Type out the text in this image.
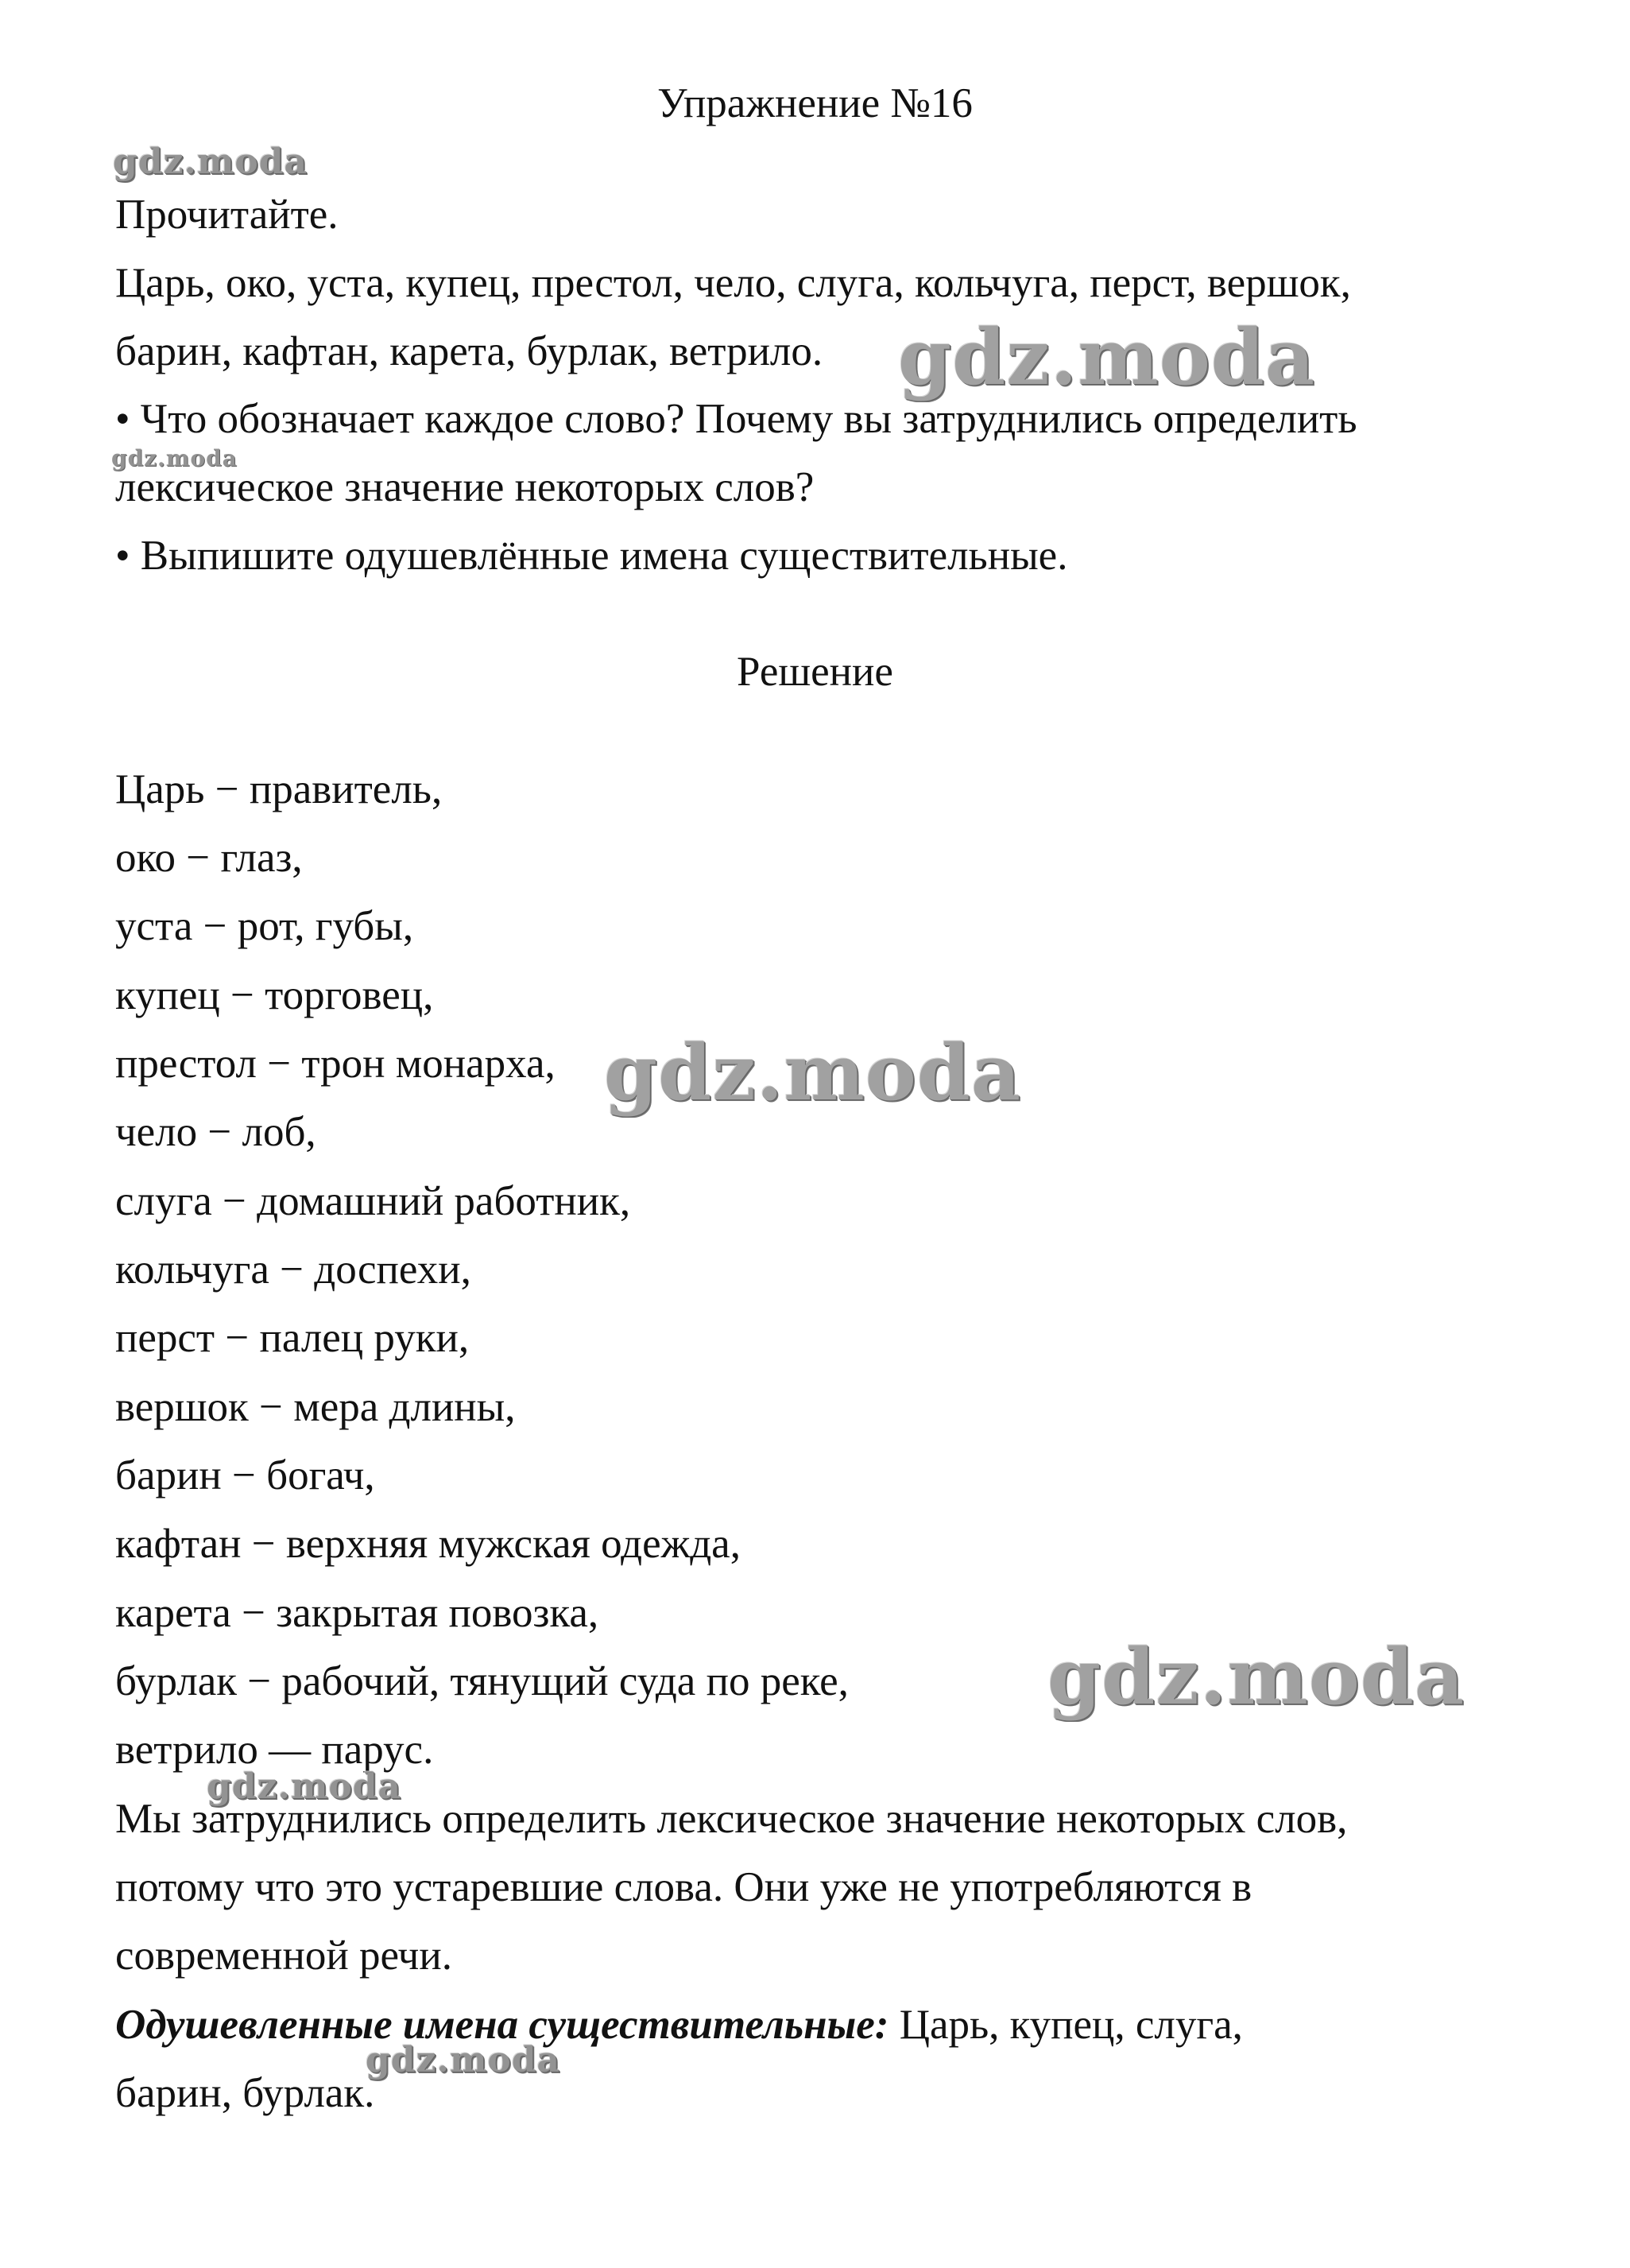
Упражнение №16
Прочитайте.
Царь, око, уста, купец, престол, чело, слуга, кольчуга, перст, вершок,
барин, кафтан, карета, бурлак, ветрило.
• Что обозначает каждое слово? Почему вы затруднились определить
лексическое значение некоторых слов?
• Выпишите одушевлённые имена существительные.
Решение
Царь − правитель,
око − глаз,
уста − рот, губы,
купец − торговец,
престол − трон монарха,
чело − лоб,
слуга − домашний работник,
кольчуга − доспехи,
перст − палец руки,
вершок − мера длины,
барин − богач,
кафтан − верхняя мужская одежда,
карета − закрытая повозка,
бурлак − рабочий, тянущий суда по реке,
ветрило — парус.
Мы затруднились определить лексическое значение некоторых слов,
потому что это устаревшие слова. Они уже не употребляются в
современной речи.
Одушевленные имена существительные: Царь, купец, слуга,
барин, бурлак.
gdz.moda
gdz.moda
gdz.moda
gdz.moda
gdz.moda
gdz.moda
gdz.moda
